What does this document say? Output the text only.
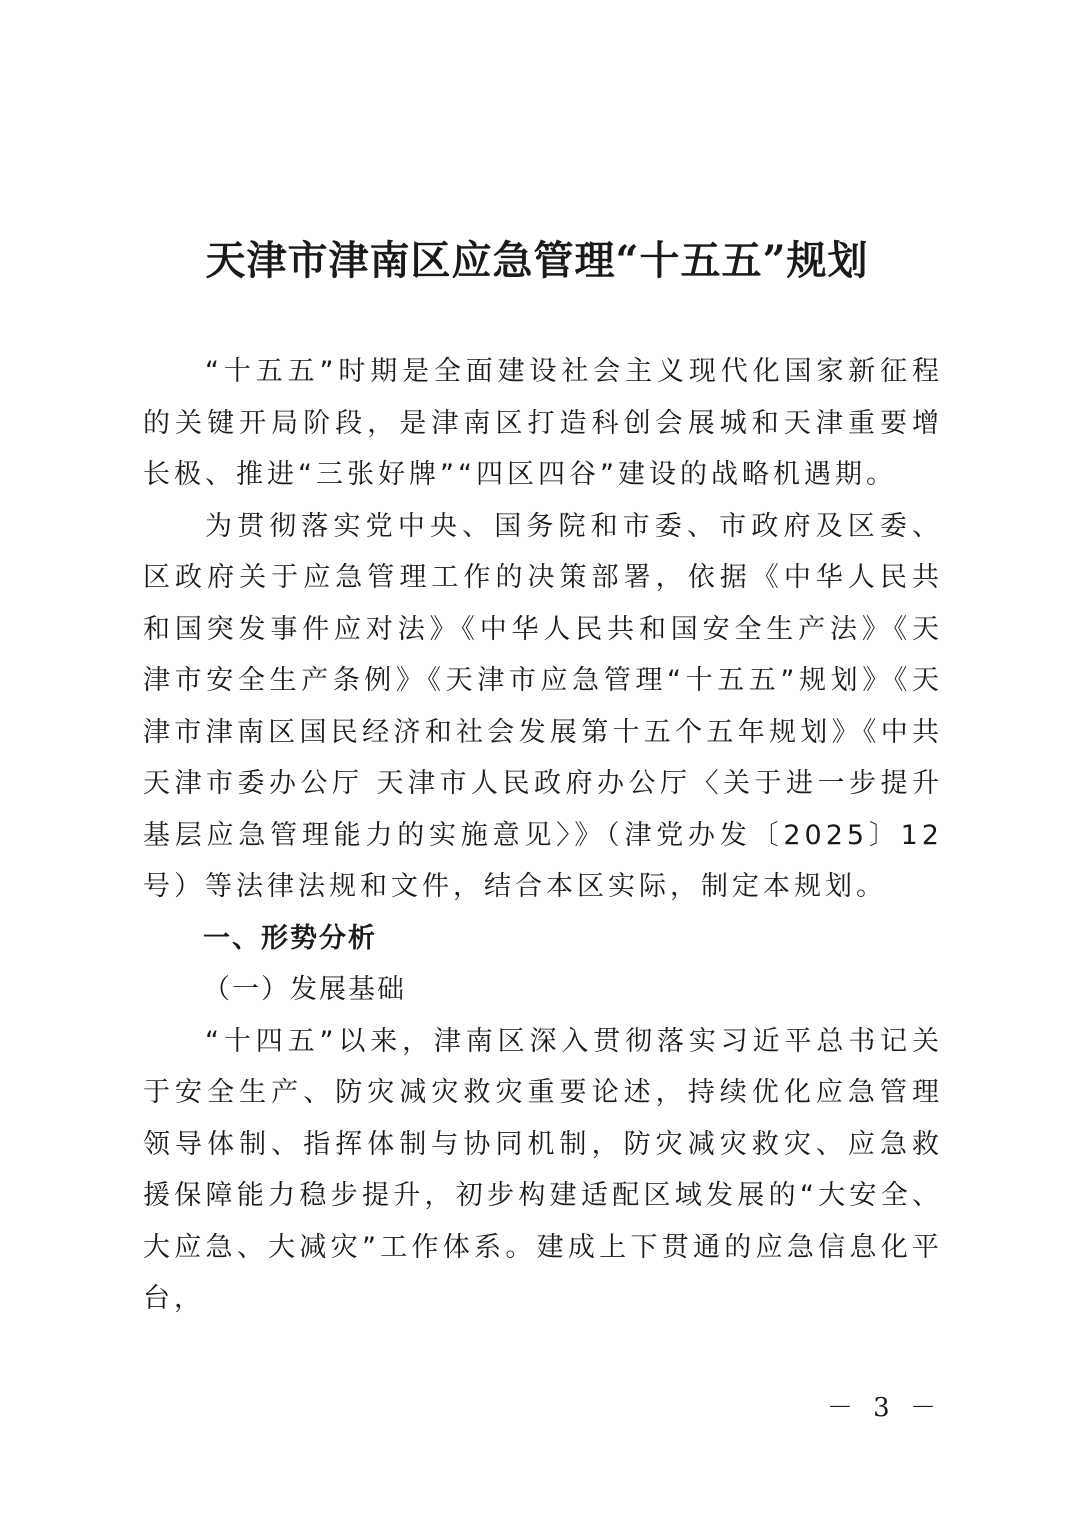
天津市津南区应急管理“十五五”规划

“十五五”时期是全面建设社会主义现代化国家新征程的关键开局阶段，是津南区打造科创会展城和天津重要增长极、推进“三张好牌”“四区四谷”建设的战略机遇期。

为贯彻落实党中央、国务院和市委、市政府及区委、区政府关于应急管理工作的决策部署，依据《中华人民共和国突发事件应对法》《中华人民共和国安全生产法》《天津市安全生产条例》《天津市应急管理“十五五”规划》《天津市津南区国民经济和社会发展第十五个五年规划》《中共天津市委办公厅 天津市人民政府办公厅〈关于进一步提升基层应急管理能力的实施意见〉》（津党办发〔2025〕12号）等法律法规和文件，结合本区实际，制定本规划。

一、形势分析

（一）发展基础

“十四五”以来，津南区深入贯彻落实习近平总书记关于安全生产、防灾减灾救灾重要论述，持续优化应急管理领导体制、指挥体制与协同机制，防灾减灾救灾、应急救援保障能力稳步提升，初步构建适配区域发展的“大安全、大应急、大减灾”工作体系。建成上下贯通的应急信息化平台，

－ 3 －
